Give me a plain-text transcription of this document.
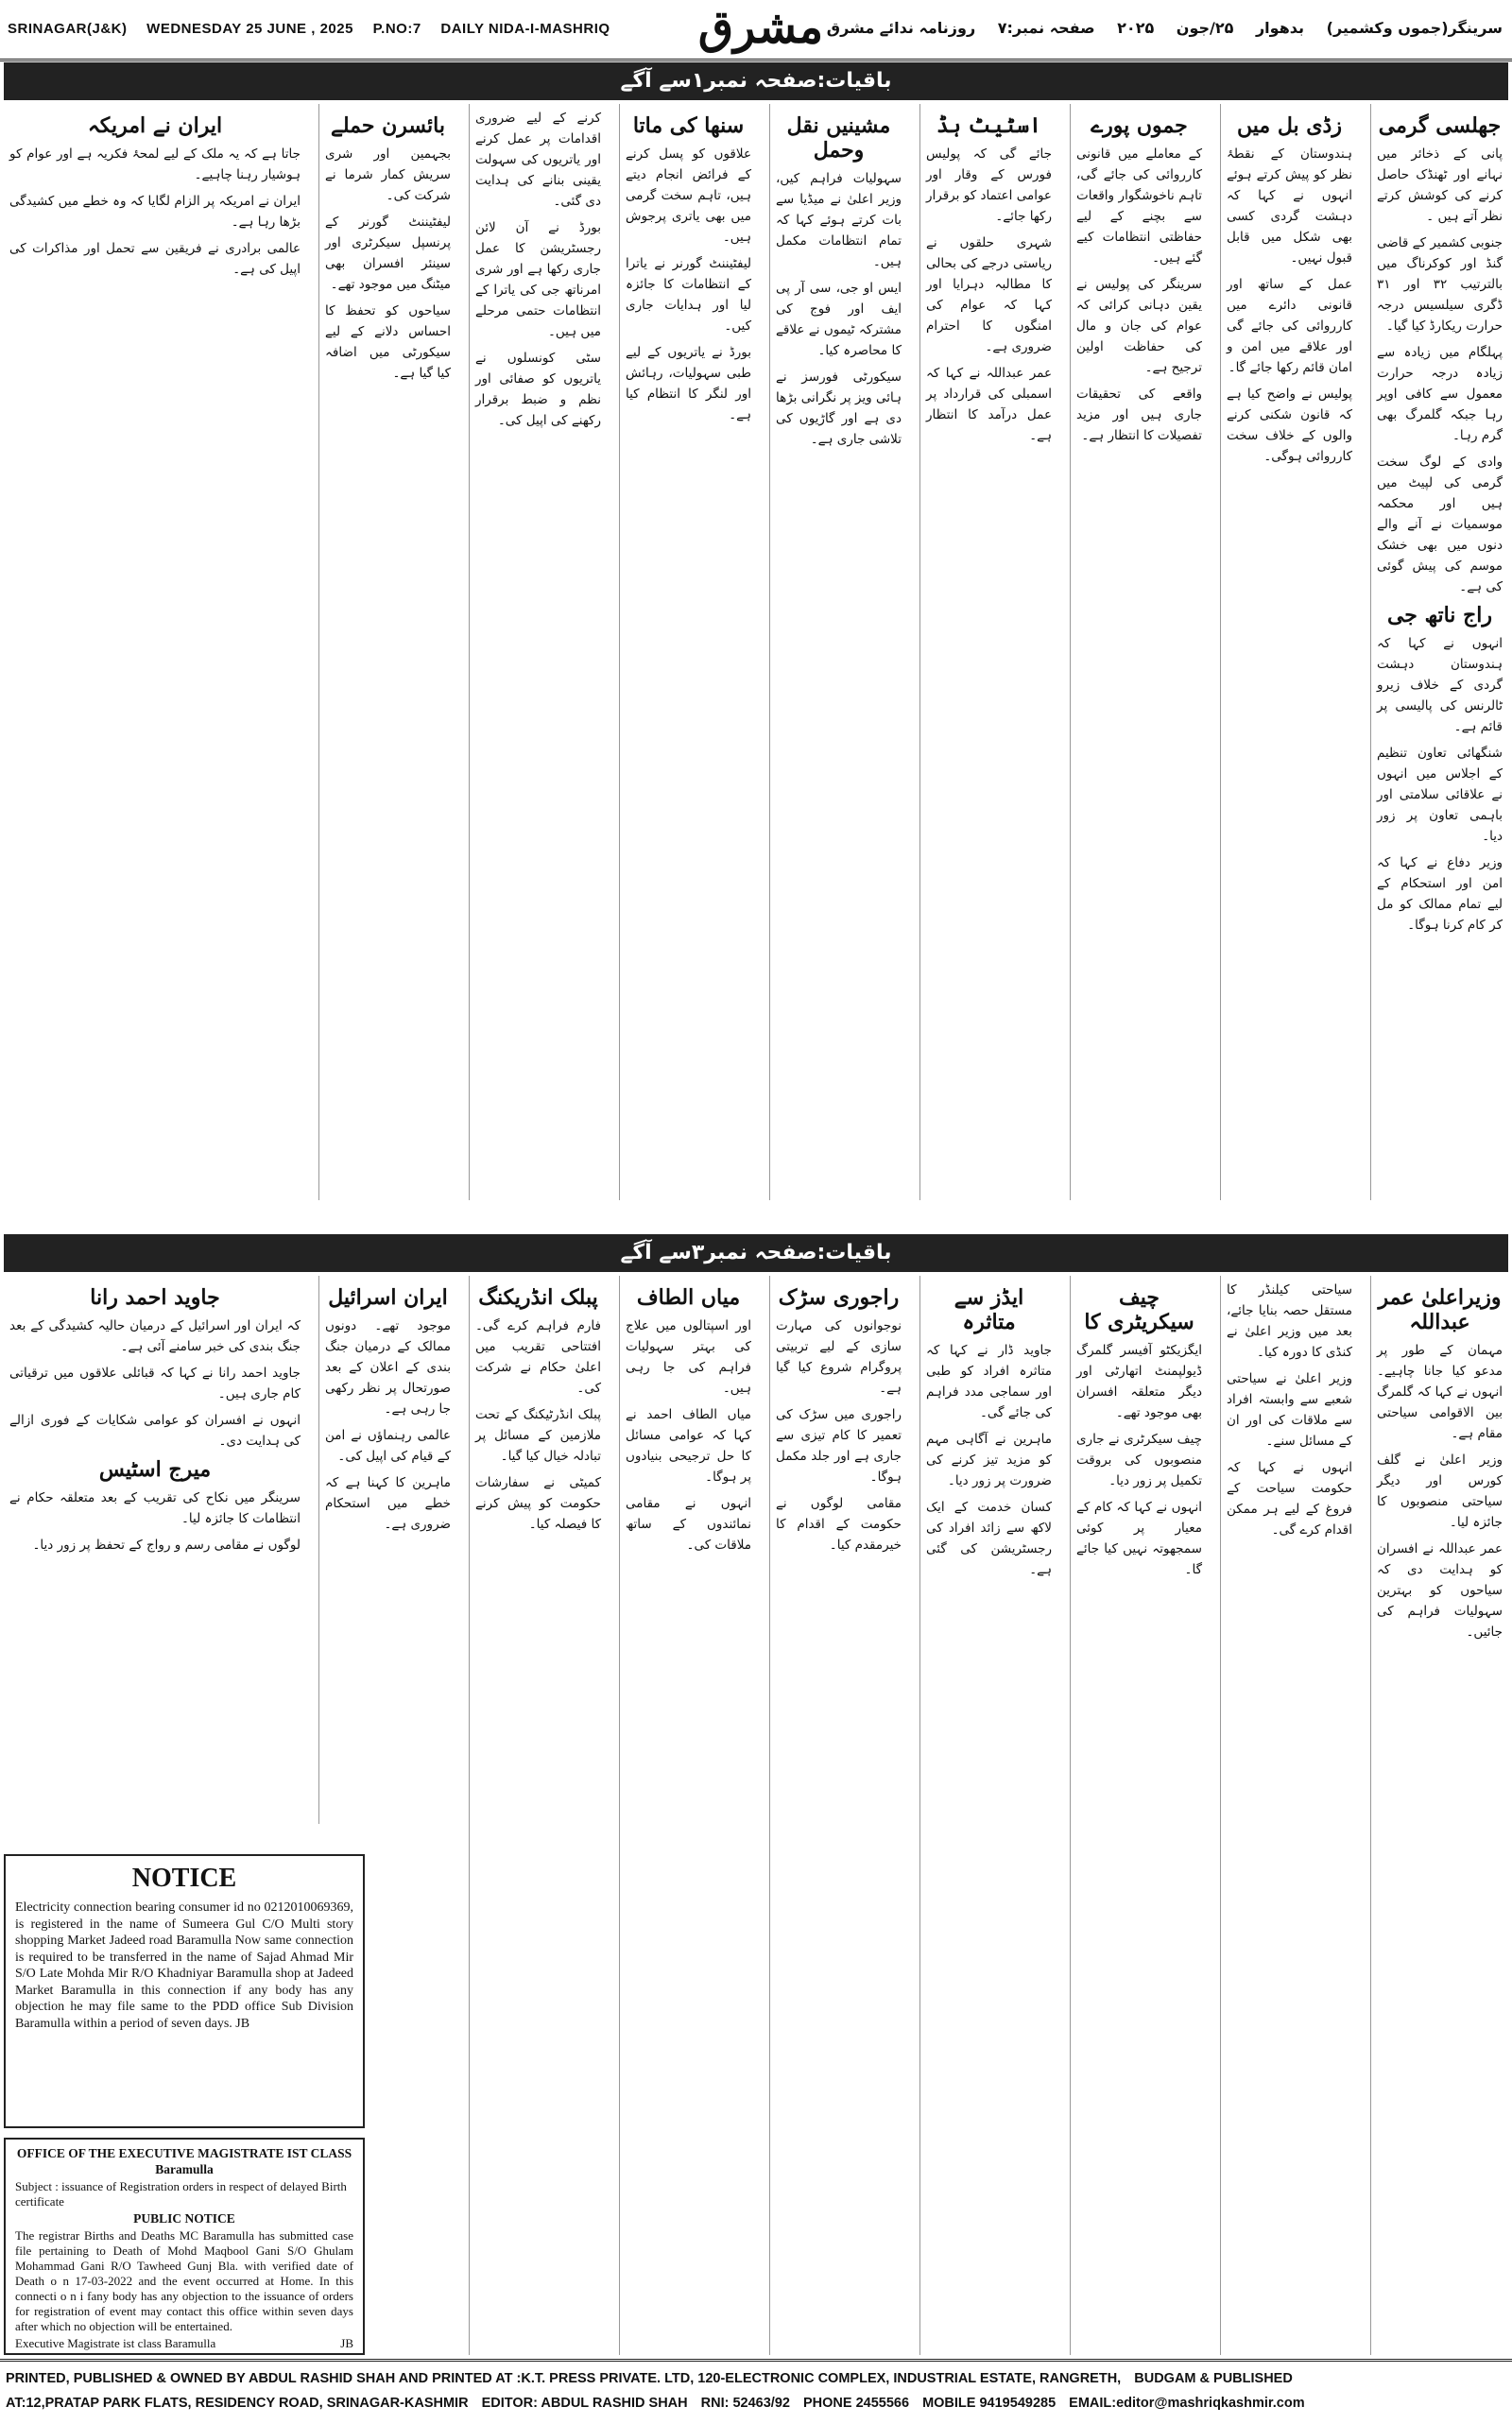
SRINAGAR(J&K) WEDNESDAY 25 JUNE , 2025 P.NO:7 DAILY NIDA-I-MASHRIQ	مشرق	سرینگر(جموں وکشمیر) بدھوار ۲۵/جون ۲۰۲۵ صفحہ نمبر:۷ روزنامہ ندائے مشرق
باقیات:صفحہ نمبر۱سے آگے
جھلسی گرمی

پانی کے ذخائر میں نہانے اور ٹھنڈک حاصل کرنے کی کوشش کرتے نظر آتے ہیں ۔

جنوبی کشمیر کے قاضی گنڈ اور کوکرناگ میں بالترتیب ۳۲ اور ۳۱ ڈگری سیلسیس درجہ حرارت ریکارڈ کیا گیا۔

پہلگام میں زیادہ سے زیادہ درجہ حرارت معمول سے کافی اوپر رہا جبکہ گلمرگ بھی گرم رہا۔

وادی کے لوگ سخت گرمی کی لپیٹ میں ہیں اور محکمہ موسمیات نے آنے والے دنوں میں بھی خشک موسم کی پیش گوئی کی ہے۔

راج ناتھ جی

انہوں نے کہا کہ ہندوستان دہشت گردی کے خلاف زیرو ٹالرنس کی پالیسی پر قائم ہے۔

شنگھائی تعاون تنظیم کے اجلاس میں انہوں نے علاقائی سلامتی اور باہمی تعاون پر زور دیا۔

وزیر دفاع نے کہا کہ امن اور استحکام کے لیے تمام ممالک کو مل کر کام کرنا ہوگا۔

زڈی بل میں

ہندوستان کے نقطۂ نظر کو پیش کرتے ہوئے انہوں نے کہا کہ دہشت گردی کسی بھی شکل میں قابل قبول نہیں۔

عمل کے ساتھ اور قانونی دائرے میں کارروائی کی جائے گی اور علاقے میں امن و امان قائم رکھا جائے گا۔

پولیس نے واضح کیا ہے کہ قانون شکنی کرنے والوں کے خلاف سخت کارروائی ہوگی۔

جموں پورے

کے معاملے میں قانونی کارروائی کی جائے گی، تاہم ناخوشگوار واقعات سے بچنے کے لیے حفاظتی انتظامات کیے گئے ہیں۔

سرینگر کی پولیس نے یقین دہانی کرائی کہ عوام کی جان و مال کی حفاظت اولین ترجیح ہے۔

واقعے کی تحقیقات جاری ہیں اور مزید تفصیلات کا انتظار ہے۔

اسٹیٹ ہڈ

جائے گی کہ پولیس فورس کے وقار اور عوامی اعتماد کو برقرار رکھا جائے۔

شہری حلقوں نے ریاستی درجے کی بحالی کا مطالبہ دہرایا اور کہا کہ عوام کی امنگوں کا احترام ضروری ہے۔

عمر عبداللہ نے کہا کہ اسمبلی کی قرارداد پر عمل درآمد کا انتظار ہے۔

مشینیں نقل وحمل

سہولیات فراہم کیں، وزیر اعلیٰ نے میڈیا سے بات کرتے ہوئے کہا کہ تمام انتظامات مکمل ہیں۔

ایس او جی، سی آر پی ایف اور فوج کی مشترکہ ٹیموں نے علاقے کا محاصرہ کیا۔

سیکورٹی فورسز نے ہائی ویز پر نگرانی بڑھا دی ہے اور گاڑیوں کی تلاشی جاری ہے۔

سنھا کی ماتا

علاقوں کو پسل کرنے کے فرائض انجام دیتے ہیں، تاہم سخت گرمی میں بھی یاتری پرجوش ہیں۔

لیفٹیننٹ گورنر نے یاترا کے انتظامات کا جائزہ لیا اور ہدایات جاری کیں۔

بورڈ نے یاتریوں کے لیے طبی سہولیات، رہائش اور لنگر کا انتظام کیا ہے۔

کرنے کے لیے ضروری اقدامات پر عمل کرنے اور یاتریوں کی سہولت یقینی بنانے کی ہدایت دی گئی۔

بورڈ نے آن لائن رجسٹریشن کا عمل جاری رکھا ہے اور شری امرناتھ جی کی یاترا کے انتظامات حتمی مرحلے میں ہیں۔

سٹی کونسلوں نے یاتریوں کو صفائی اور نظم و ضبط برقرار رکھنے کی اپیل کی۔

بائسرن حملے

بجہمین اور شری سریش کمار شرما نے شرکت کی۔

لیفٹیننٹ گورنر کے پرنسپل سیکرٹری اور سینئر افسران بھی میٹنگ میں موجود تھے۔

سیاحوں کو تحفظ کا احساس دلانے کے لیے سیکورٹی میں اضافہ کیا گیا ہے۔

ایران نے امریکہ

جاتا ہے کہ یہ ملک کے لیے لمحۂ فکریہ ہے اور عوام کو ہوشیار رہنا چاہیے۔

ایران نے امریکہ پر الزام لگایا کہ وہ خطے میں کشیدگی بڑھا رہا ہے۔

عالمی برادری نے فریقین سے تحمل اور مذاکرات کی اپیل کی ہے۔

باقیات:صفحہ نمبر۳سے آگے
وزیراعلیٰ عمر عبداللہ

مہمان کے طور پر مدعو کیا جانا چاہیے۔ انہوں نے کہا کہ گلمرگ بین الاقوامی سیاحتی مقام ہے۔

وزیر اعلیٰ نے گلف کورس اور دیگر سیاحتی منصوبوں کا جائزہ لیا۔

عمر عبداللہ نے افسران کو ہدایت دی کہ سیاحوں کو بہترین سہولیات فراہم کی جائیں۔

سیاحتی کیلنڈر کا مستقل حصہ بنایا جائے، بعد میں وزیر اعلیٰ نے کنڈی کا دورہ کیا۔

وزیر اعلیٰ نے سیاحتی شعبے سے وابستہ افراد سے ملاقات کی اور ان کے مسائل سنے۔

انہوں نے کہا کہ حکومت سیاحت کے فروغ کے لیے ہر ممکن اقدام کرے گی۔

چیف سیکریٹری کا

ایگزیکٹو آفیسر گلمرگ ڈیولپمنٹ اتھارٹی اور دیگر متعلقہ افسران بھی موجود تھے۔

چیف سیکرٹری نے جاری منصوبوں کی بروقت تکمیل پر زور دیا۔

انہوں نے کہا کہ کام کے معیار پر کوئی سمجھوتہ نہیں کیا جائے گا۔

ایڈز سے متاثرہ

جاوید ڈار نے کہا کہ متاثرہ افراد کو طبی اور سماجی مدد فراہم کی جائے گی۔

ماہرین نے آگاہی مہم کو مزید تیز کرنے کی ضرورت پر زور دیا۔

کسان خدمت کے ایک لاکھ سے زائد افراد کی رجسٹریشن کی گئی ہے۔

راجوری سڑک

نوجوانوں کی مہارت سازی کے لیے تربیتی پروگرام شروع کیا گیا ہے۔

راجوری میں سڑک کی تعمیر کا کام تیزی سے جاری ہے اور جلد مکمل ہوگا۔

مقامی لوگوں نے حکومت کے اقدام کا خیرمقدم کیا۔

میاں الطاف

اور اسپتالوں میں علاج کی بہتر سہولیات فراہم کی جا رہی ہیں۔

میاں الطاف احمد نے کہا کہ عوامی مسائل کا حل ترجیحی بنیادوں پر ہوگا۔

انہوں نے مقامی نمائندوں کے ساتھ ملاقات کی۔

پبلک انڈریکنگ

فارم فراہم کرے گی۔ افتتاحی تقریب میں اعلیٰ حکام نے شرکت کی۔

پبلک انڈرٹیکنگ کے تحت ملازمین کے مسائل پر تبادلہ خیال کیا گیا۔

کمیٹی نے سفارشات حکومت کو پیش کرنے کا فیصلہ کیا۔

ایران اسرائیل

موجود تھے۔ دونوں ممالک کے درمیان جنگ بندی کے اعلان کے بعد صورتحال پر نظر رکھی جا رہی ہے۔

عالمی رہنماؤں نے امن کے قیام کی اپیل کی۔

ماہرین کا کہنا ہے کہ خطے میں استحکام ضروری ہے۔

جاوید احمد رانا

کہ ایران اور اسرائیل کے درمیان حالیہ کشیدگی کے بعد جنگ بندی کی خبر سامنے آئی ہے۔

جاوید احمد رانا نے کہا کہ قبائلی علاقوں میں ترقیاتی کام جاری ہیں۔

انہوں نے افسران کو عوامی شکایات کے فوری ازالے کی ہدایت دی۔

میرج اسٹیس

سرینگر میں نکاح کی تقریب کے بعد متعلقہ حکام نے انتظامات کا جائزہ لیا۔

لوگوں نے مقامی رسم و رواج کے تحفظ پر زور دیا۔

NOTICE
Electricity connection bearing consumer id no 0212010069369, is registered in the name of Sumeera Gul C/O Multi story shopping Market Jadeed road Baramulla Now same connection is required to be transferred in the name of Sajad Ahmad Mir S/O Late Mohda Mir R/O Khadniyar Baramulla shop at Jadeed Market Baramulla in this connection if any body has any objection he may file same to the PDD office Sub Division Baramulla within a period of seven days. JB
OFFICE OF THE EXECUTIVE MAGISTRATE IST CLASS Baramulla
Subject : issuance of Registration orders in respect of delayed Birth certificate
PUBLIC NOTICE
The registrar Births and Deaths MC Baramulla has submitted case file pertaining to Death of Mohd Maqbool Gani S/O Ghulam Mohammad Gani R/O Tawheed Gunj Bla. with verified date of Death o n 17-03-2022 and the event occurred at Home. In this connecti o n i fany body has any objection to the issuance of orders for registration of event may contact this office within seven days after which no objection will be entertained.
Executive Magistrate ist class Baramulla	JB
PRINTED, PUBLISHED & OWNED BY ABDUL RASHID SHAH AND PRINTED AT :K.T. PRESS PRIVATE. LTD, 120-ELECTRONIC COMPLEX, INDUSTRIAL ESTATE, RANGRETH, BUDGAM & PUBLISHED
AT:12,PRATAP PARK FLATS, RESIDENCY ROAD, SRINAGAR-KASHMIR EDITOR: ABDUL RASHID SHAH RNI: 52463/92 PHONE 2455566 MOBILE 9419549285 EMAIL:editor@mashriqkashmir.com
